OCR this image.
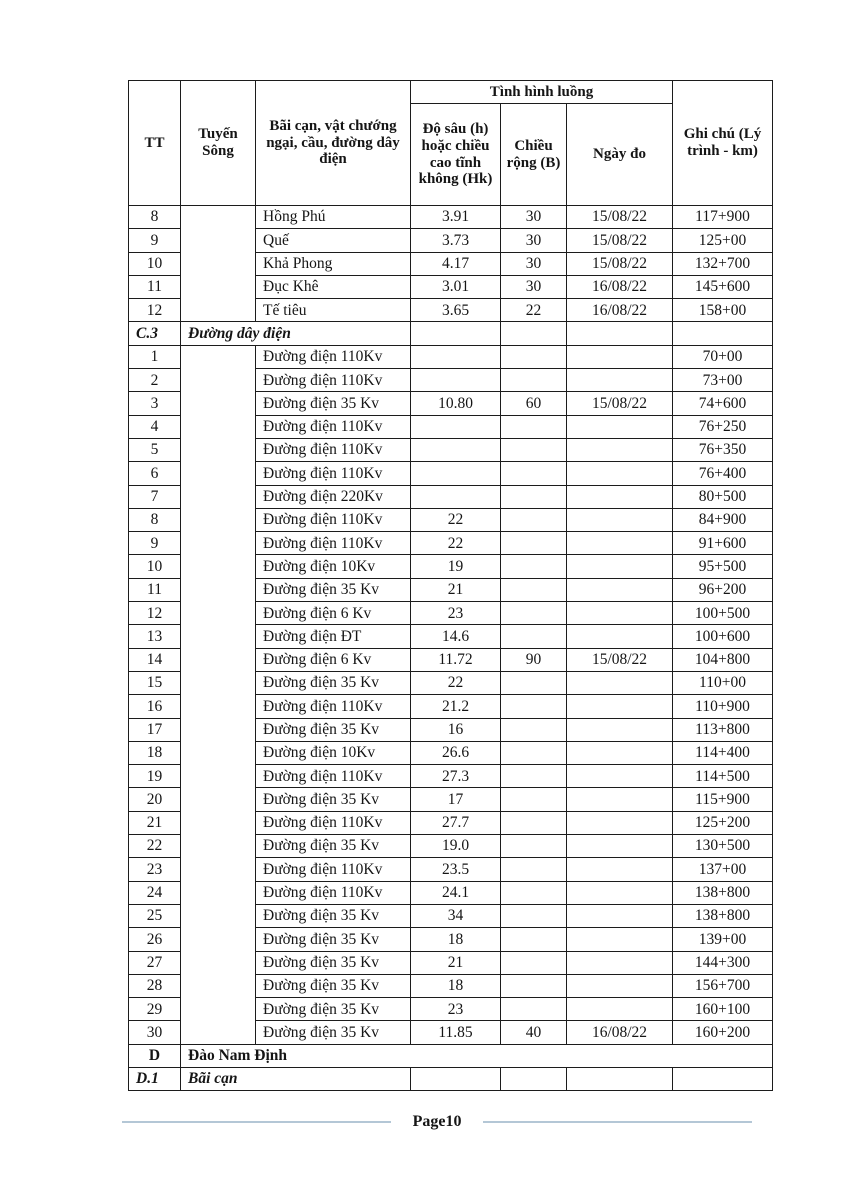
TT	Tuyến Sông	Bãi cạn, vật chướng ngại, cầu, đường dây điện	Tình hình luồng			Ghi chú (Lý trình - km)
			Độ sâu (h) hoặc chiều cao tĩnh không (Hk)	Chiều rộng (B)	Ngày đo	
8		Hồng Phú	3.91	30	15/08/22	117+900
9		Quế	3.73	30	15/08/22	125+00
10		Khả Phong	4.17	30	15/08/22	132+700
11		Đục Khê	3.01	30	16/08/22	145+600
12		Tế tiêu	3.65	22	16/08/22	158+00
C.3	Đường dây điện					
1		Đường điện 110Kv				70+00
2		Đường điện 110Kv				73+00
3		Đường điện 35 Kv	10.80	60	15/08/22	74+600
4		Đường điện 110Kv				76+250
5		Đường điện 110Kv				76+350
6		Đường điện 110Kv				76+400
7		Đường điện 220Kv				80+500
8		Đường điện 110Kv	22			84+900
9		Đường điện 110Kv	22			91+600
10		Đường điện 10Kv	19			95+500
11		Đường điện 35 Kv	21			96+200
12		Đường điện 6 Kv	23			100+500
13		Đường điện ĐT	14.6			100+600
14		Đường điện 6 Kv	11.72	90	15/08/22	104+800
15		Đường điện 35 Kv	22			110+00
16		Đường điện 110Kv	21.2			110+900
17		Đường điện 35 Kv	16			113+800
18		Đường điện 10Kv	26.6			114+400
19		Đường điện 110Kv	27.3			114+500
20		Đường điện 35 Kv	17			115+900
21		Đường điện 110Kv	27.7			125+200
22		Đường điện 35 Kv	19.0			130+500
23		Đường điện 110Kv	23.5			137+00
24		Đường điện 110Kv	24.1			138+800
25		Đường điện 35 Kv	34			138+800
26		Đường điện 35 Kv	18			139+00
27		Đường điện 35 Kv	21			144+300
28		Đường điện 35 Kv	18			156+700
29		Đường điện 35 Kv	23			160+100
30		Đường điện 35 Kv	11.85	40	16/08/22	160+200
D	Đào Nam Định					
D.1	Bãi cạn					
Page10
